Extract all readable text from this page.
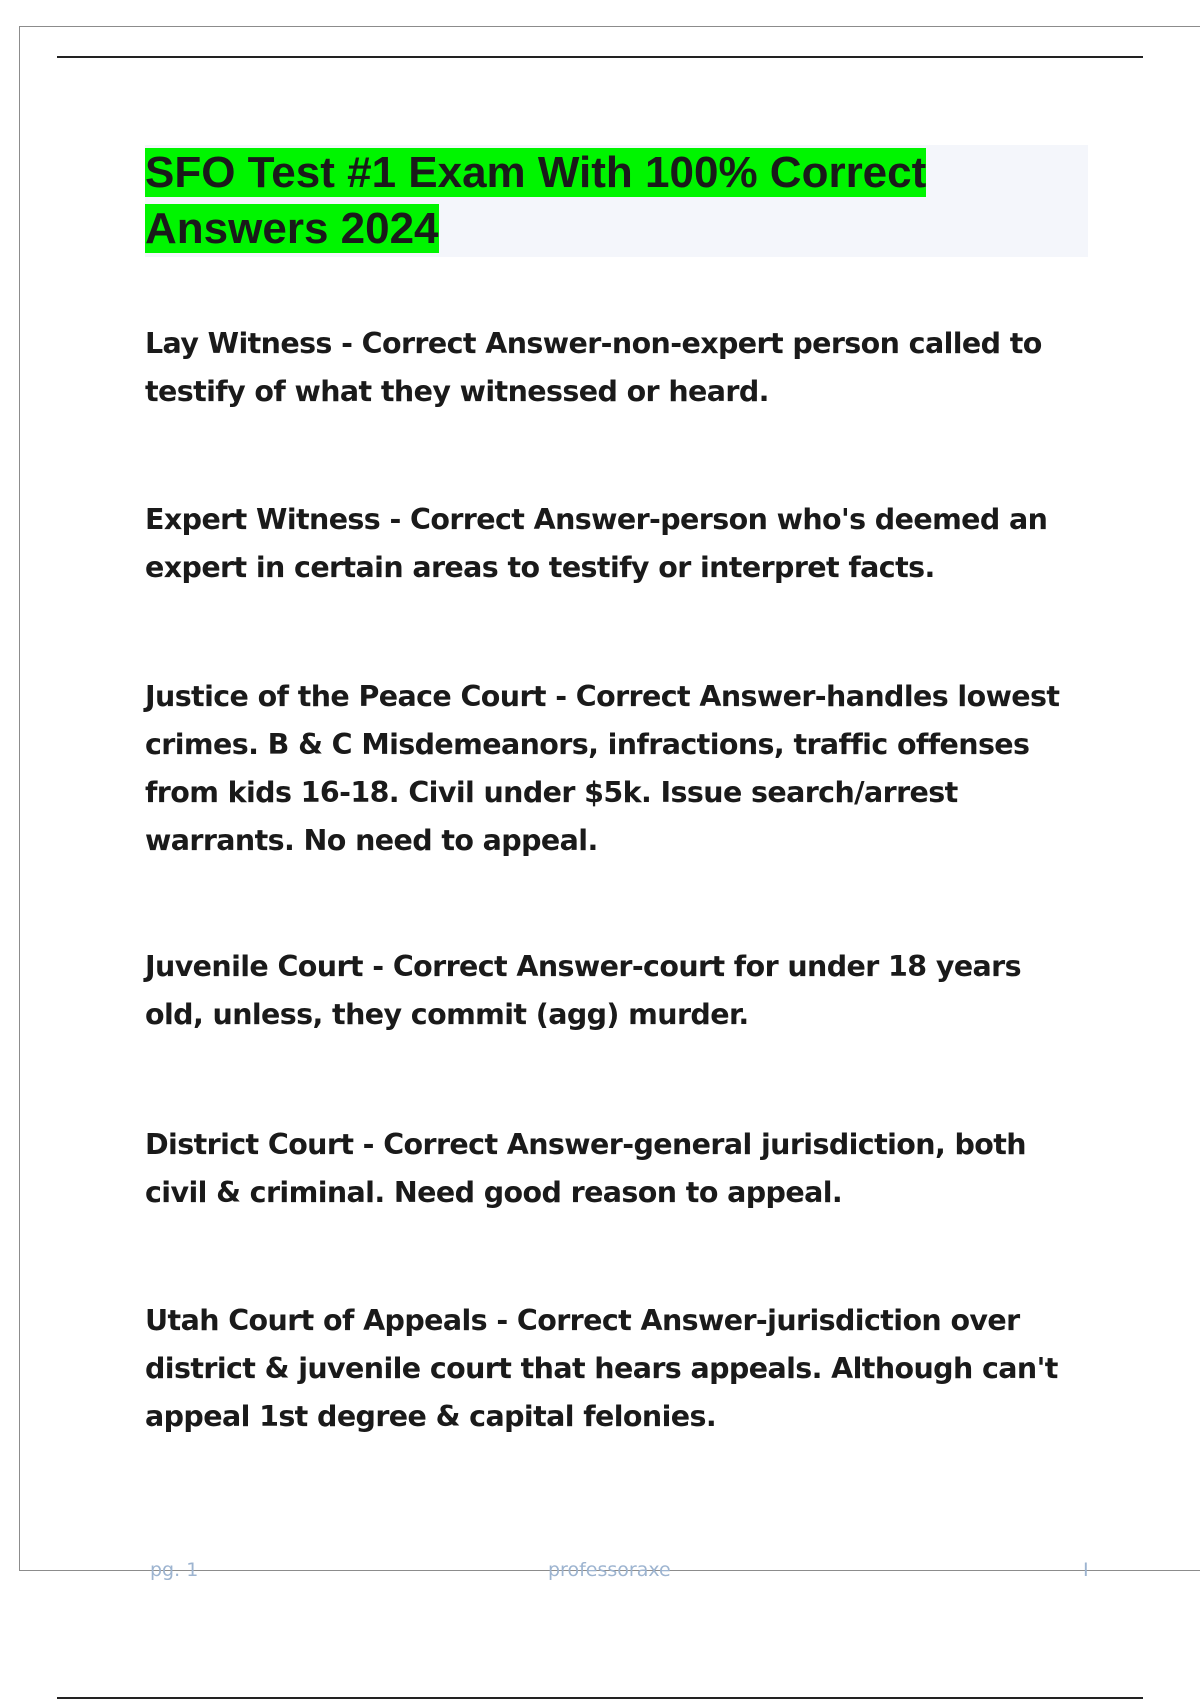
SFO Test #1 Exam With 100% Correct
Answers 2024

Lay Witness - Correct Answer-non-expert person called to testify of what they witnessed or heard.

Expert Witness - Correct Answer-person who's deemed an expert in certain areas to testify or interpret facts.

Justice of the Peace Court - Correct Answer-handles lowest crimes. B & C Misdemeanors, infractions, traffic offenses from kids 16-18. Civil under $5k. Issue search/arrest warrants. No need to appeal.

Juvenile Court - Correct Answer-court for under 18 years old, unless, they commit (agg) murder.

District Court - Correct Answer-general jurisdiction, both civil & criminal. Need good reason to appeal.

Utah Court of Appeals - Correct Answer-jurisdiction over district & juvenile court that hears appeals. Although can't appeal 1st degree & capital felonies.

pg. 1	professoraxe	I
